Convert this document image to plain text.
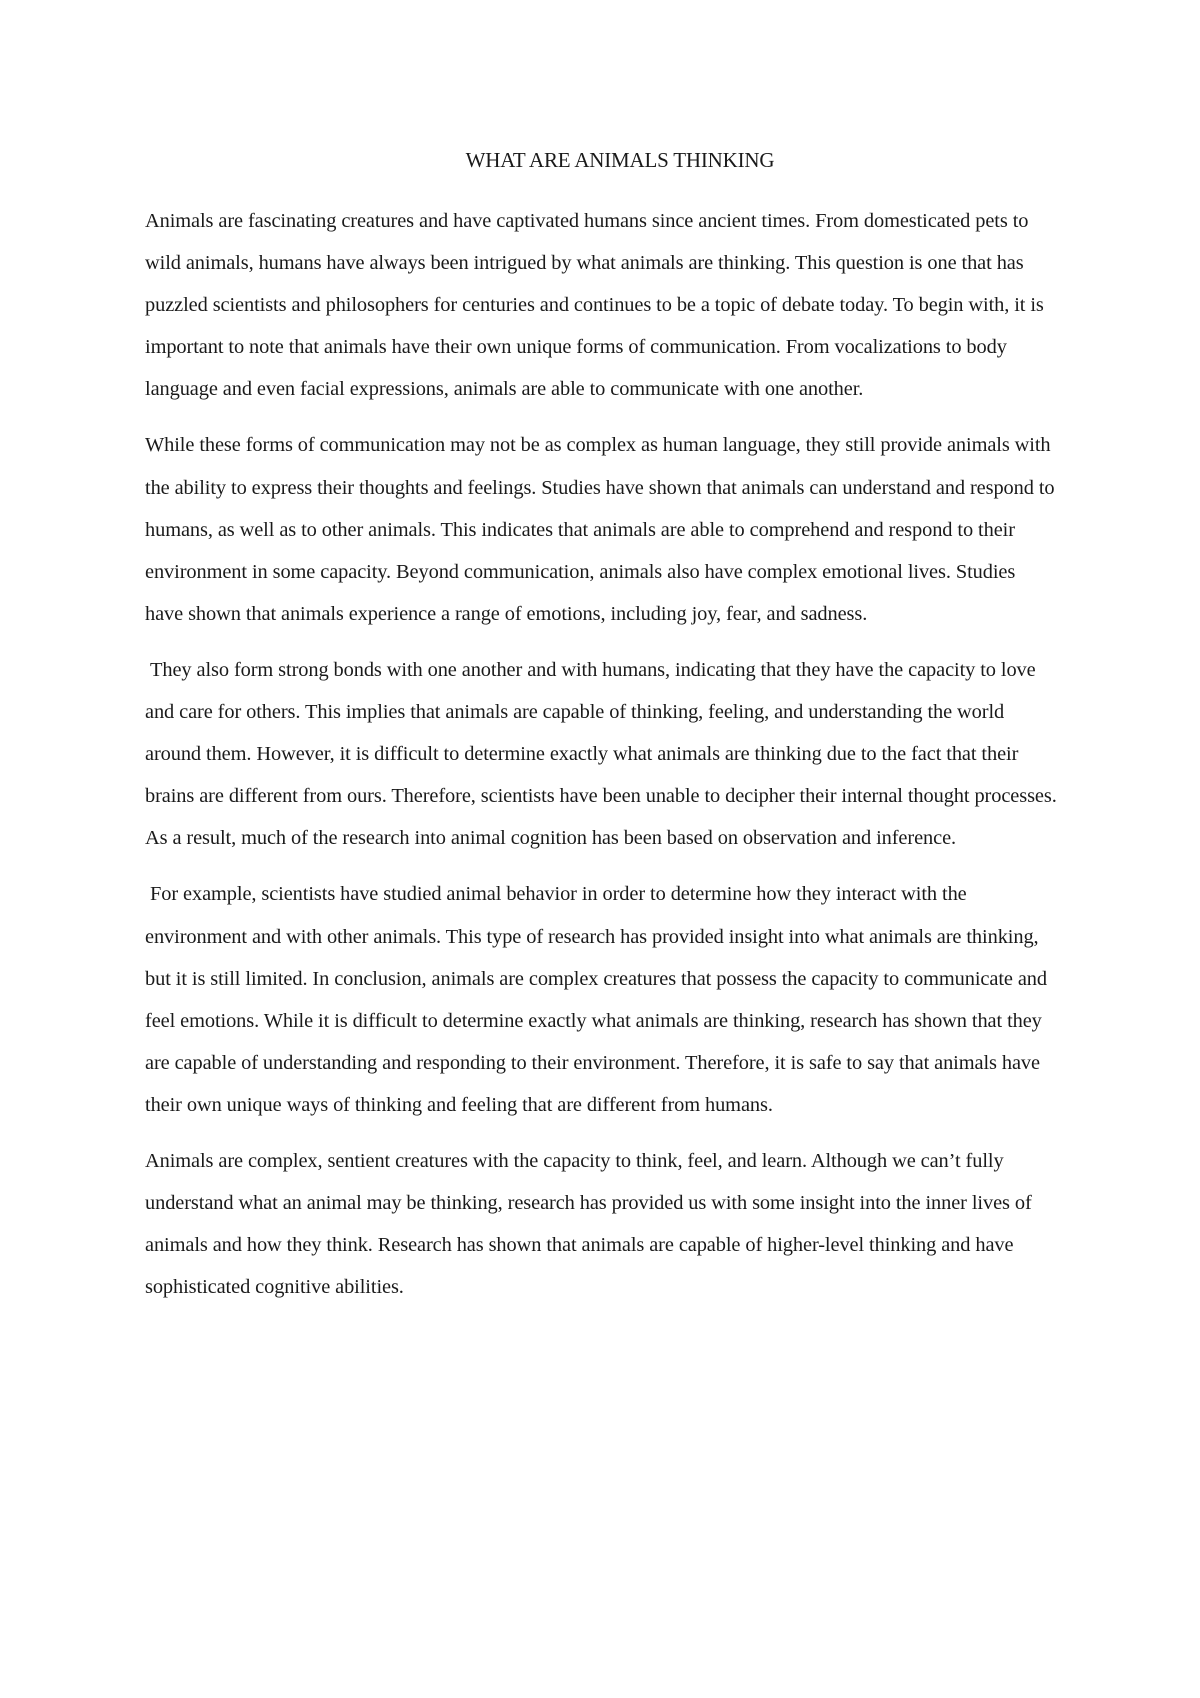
WHAT ARE ANIMALS THINKING

Animals are fascinating creatures and have captivated humans since ancient times. From domesticated pets to wild animals, humans have always been intrigued by what animals are thinking. This question is one that has puzzled scientists and philosophers for centuries and continues to be a topic of debate today. To begin with, it is important to note that animals have their own unique forms of communication. From vocalizations to body language and even facial expressions, animals are able to communicate with one another.

While these forms of communication may not be as complex as human language, they still provide animals with the ability to express their thoughts and feelings. Studies have shown that animals can understand and respond to humans, as well as to other animals. This indicates that animals are able to comprehend and respond to their environment in some capacity. Beyond communication, animals also have complex emotional lives. Studies have shown that animals experience a range of emotions, including joy, fear, and sadness.

They also form strong bonds with one another and with humans, indicating that they have the capacity to love and care for others. This implies that animals are capable of thinking, feeling, and understanding the world around them. However, it is difficult to determine exactly what animals are thinking due to the fact that their brains are different from ours. Therefore, scientists have been unable to decipher their internal thought processes. As a result, much of the research into animal cognition has been based on observation and inference.

For example, scientists have studied animal behavior in order to determine how they interact with the environment and with other animals. This type of research has provided insight into what animals are thinking, but it is still limited. In conclusion, animals are complex creatures that possess the capacity to communicate and feel emotions. While it is difficult to determine exactly what animals are thinking, research has shown that they are capable of understanding and responding to their environment. Therefore, it is safe to say that animals have their own unique ways of thinking and feeling that are different from humans.

Animals are complex, sentient creatures with the capacity to think, feel, and learn. Although we can’t fully understand what an animal may be thinking, research has provided us with some insight into the inner lives of animals and how they think. Research has shown that animals are capable of higher-level thinking and have sophisticated cognitive abilities.
